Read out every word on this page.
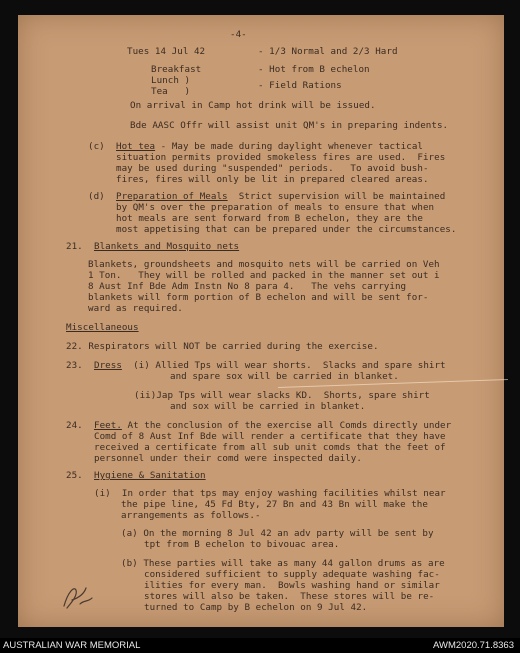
-4-
Tues 14 Jul 42	- 1/3 Normal and 2/3 Hard
Breakfast	- Hot from B echelon
Lunch )	- Field Rations
Tea   )
On arrival in Camp hot drink will be issued.
Bde AASC Offr will assist unit QM's in preparing indents.
(c) Hot tea - May be made during daylight whenever tactical
situation permits provided smokeless fires are used.  Fires
may be used during "suspended" periods.   To avoid bush-
fires, fires will only be lit in prepared cleared areas.
(d) Preparation of Meals  Strict supervision will be maintained
by QM's over the preparation of meals to ensure that when
hot meals are sent forward from B echelon, they are the
most appetising that can be prepared under the circumstances.
21. Blankets and Mosquito nets
Blankets, groundsheets and mosquito nets will be carried on Veh
1 Ton.   They will be rolled and packed in the manner set out i
8 Aust Inf Bde Adm Instn No 8 para 4.   The vehs carrying
blankets will form portion of B echelon and will be sent for-
ward as required.
Miscellaneous
22. Respirators will NOT be carried during the exercise.
23. Dress  (i) Allied Tps will wear shorts.  Slacks and spare shirt
and spare sox will be carried in blanket.
(ii)Jap Tps will wear slacks KD.  Shorts, spare shirt
and sox will be carried in blanket.
24. Feet. At the conclusion of the exercise all Comds directly under
Comd of 8 Aust Inf Bde will render a certificate that they have
received a certificate from all sub unit comds that the feet of
personnel under their comd were inspected daily.
25. Hygiene & Sanitation
(i)  In order that tps may enjoy washing facilities whilst near
the pipe line, 45 Fd Bty, 27 Bn and 43 Bn will make the
arrangements as follows.-
(a) On the morning 8 Jul 42 an adv party will be sent by
tpt from B echelon to bivouac area.
(b) These parties will take as many 44 gallon drums as are
considered sufficient to supply adequate washing fac-
ilities for every man.  Bowls washing hand or similar
stores will also be taken.  These stores will be re-
turned to Camp by B echelon on 9 Jul 42.
AUSTRALIAN WAR MEMORIAL	AWM2020.71.8363
